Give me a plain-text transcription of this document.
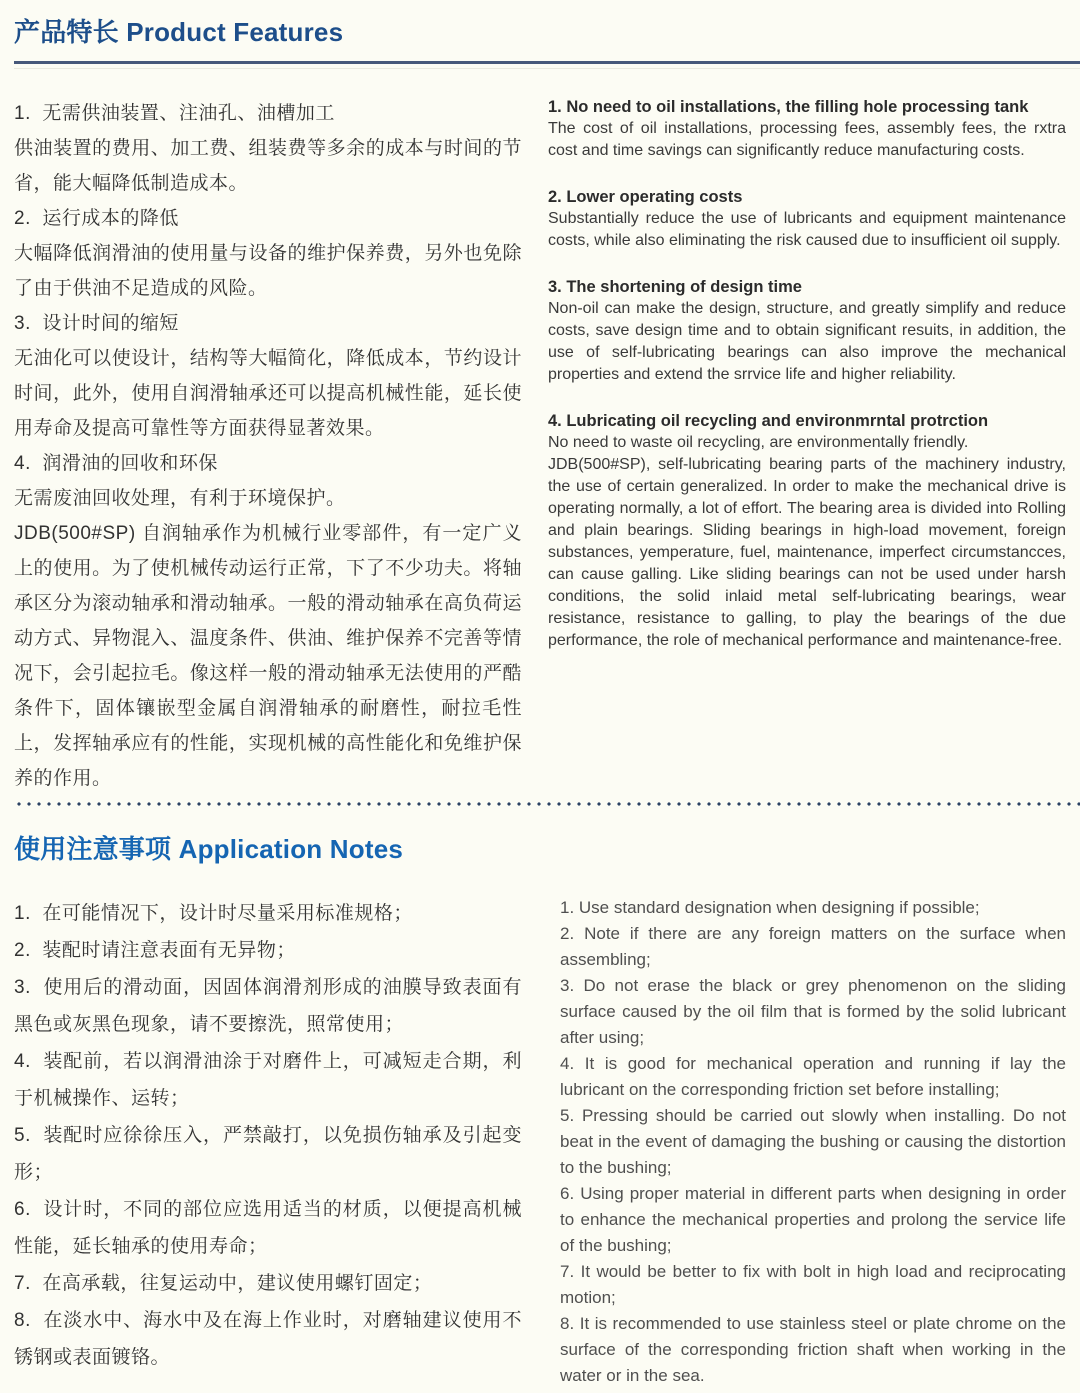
产品特长 Product Features

1.  无需供油装置、注油孔、油槽加工

供油装置的费用、加工费、组装费等多余的成本与时间的节省，能大幅降低制造成本。

2.  运行成本的降低

大幅降低润滑油的使用量与设备的维护保养费，另外也免除了由于供油不足造成的风险。

3.  设计时间的缩短

无油化可以使设计，结构等大幅简化，降低成本，节约设计时间，此外，使用自润滑轴承还可以提高机械性能，延长使用寿命及提高可靠性等方面获得显著效果。

4.  润滑油的回收和环保

无需废油回收处理，有利于环境保护。

JDB(500#SP) 自润轴承作为机械行业零部件，有一定广义上的使用。为了使机械传动运行正常，下了不少功夫。将轴承区分为滚动轴承和滑动轴承。一般的滑动轴承在高负荷运动方式、异物混入、温度条件、供油、维护保养不完善等情况下，会引起拉毛。像这样一般的滑动轴承无法使用的严酷条件下，固体镶嵌型金属自润滑轴承的耐磨性，耐拉毛性上，发挥轴承应有的性能，实现机械的高性能化和免维护保养的作用。

1. No need to oil installations, the filling hole processing tank

The cost of oil installations, processing fees, assembly fees, the rxtra cost and time savings can significantly reduce manufacturing costs.

2. Lower operating costs

Substantially reduce the use of lubricants and equipment maintenance costs, while also eliminating the risk caused due to insufficient oil supply.

3. The shortening of design time

Non-oil can make the design, structure, and greatly simplify and reduce costs, save design time and to obtain significant resuits, in addition, the use of self-lubricating bearings can also improve the mechanical properties and extend the srrvice life and higher reliability.

4. Lubricating oil recycling and environmrntal protrction

No need to waste oil recycling, are environmentally friendly.

JDB(500#SP), self-lubricating bearing parts of the machinery industry, the use of certain generalized. In order to make the mechanical drive is operating normally, a lot of effort. The bearing area is divided into Rolling and plain bearings. Sliding bearings in high-load movement, foreign substances, yemperature, fuel, maintenance, imperfect circumstancces, can cause galling. Like sliding bearings can not be used under harsh conditions, the solid inlaid metal self-lubricating bearings, wear resistance, resistance to galling, to play the bearings of the due performance, the role of mechanical performance and maintenance-free.

使用注意事项 Application Notes

1.  在可能情况下，设计时尽量采用标准规格；

2.  装配时请注意表面有无异物；

3.  使用后的滑动面，因固体润滑剂形成的油膜导致表面有黑色或灰黑色现象，请不要擦洗，照常使用；

4.  装配前，若以润滑油涂于对磨件上，可减短走合期，利于机械操作、运转；

5.  装配时应徐徐压入，严禁敲打，以免损伤轴承及引起变形；

6.  设计时，不同的部位应选用适当的材质，以便提高机械性能，延长轴承的使用寿命；

7.  在高承载，往复运动中，建议使用螺钉固定；

8.  在淡水中、海水中及在海上作业时，对磨轴建议使用不锈钢或表面镀铬。

1. Use standard designation when designing if possible;

2. Note if there are any foreign matters on the surface when assembling;

3. Do not erase the black or grey phenomenon on the sliding surface caused by the oil film that is formed by the solid lubricant after using;

4. It is good for mechanical operation and running if lay the lubricant on the corresponding friction set before installing;

5. Pressing should be carried out slowly when installing. Do not beat in the event of damaging the bushing or causing the distortion to the bushing;

6. Using proper material in different parts when designing in order to enhance the mechanical properties and prolong the service life of the bushing;

7. It would be better to fix with bolt in high load and reciprocating motion;

8. It is recommended to use stainless steel or plate chrome on the surface of the corresponding friction shaft when working in the water or in the sea.
